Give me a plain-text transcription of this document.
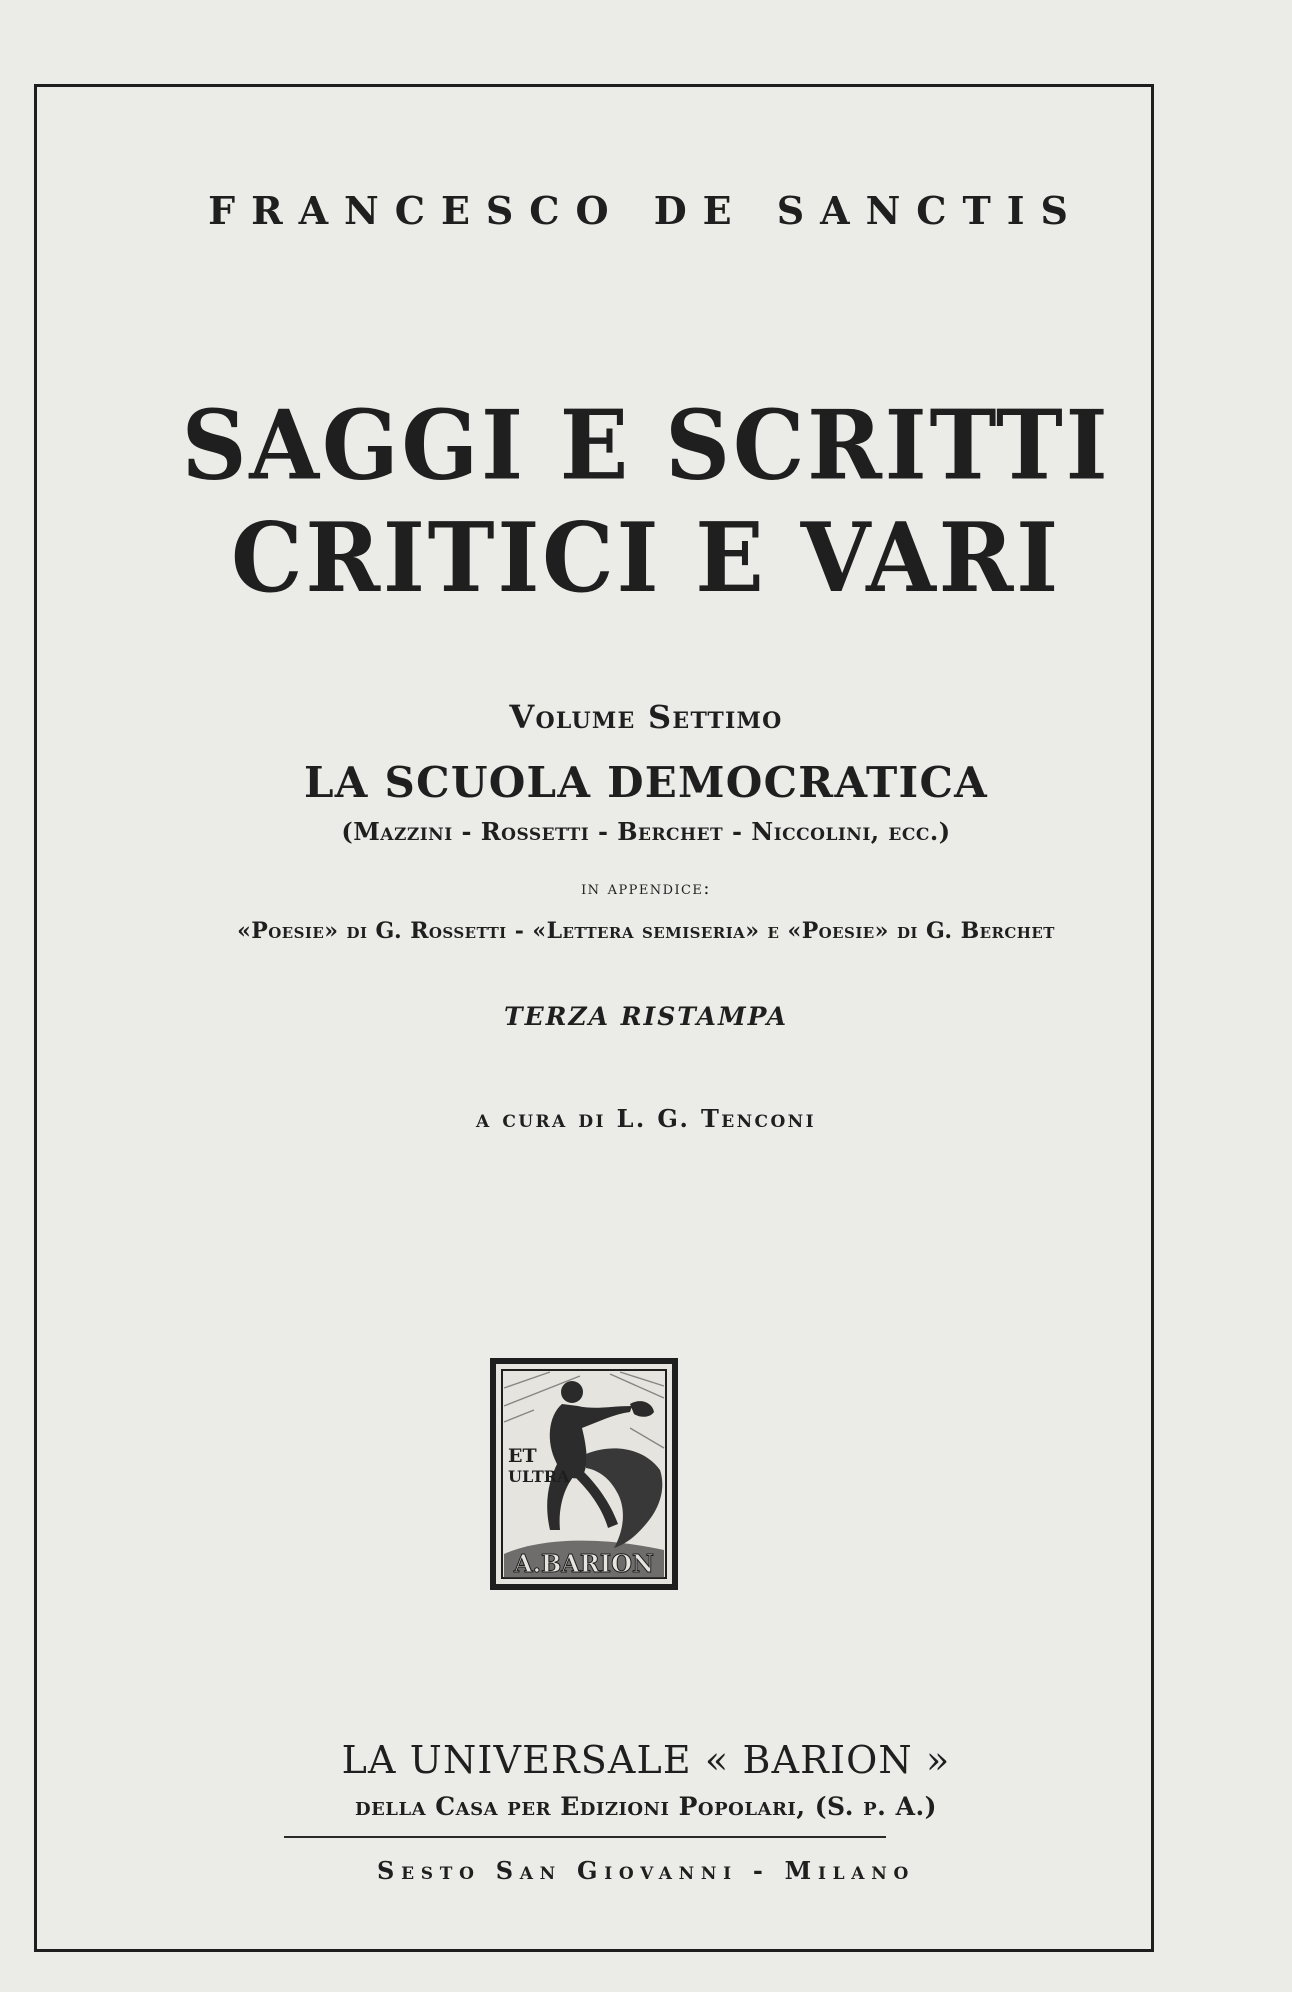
FRANCESCO DE SANCTIS
SAGGI E SCRITTI
CRITICI E VARI
Volume Settimo
LA SCUOLA DEMOCRATICA
(Mazzini - Rossetti - Berchet - Niccolini, ecc.)
in appendice:
«Poesie» di G. Rossetti - «Lettera semiseria» e «Poesie» di G. Berchet
TERZA RISTAMPA
a cura di L. G. Tenconi
ET
ULTRA
A.BARION
LA UNIVERSALE « BARION »
della Casa per Edizioni Popolari, (S. p. A.)
Sesto San Giovanni - Milano
